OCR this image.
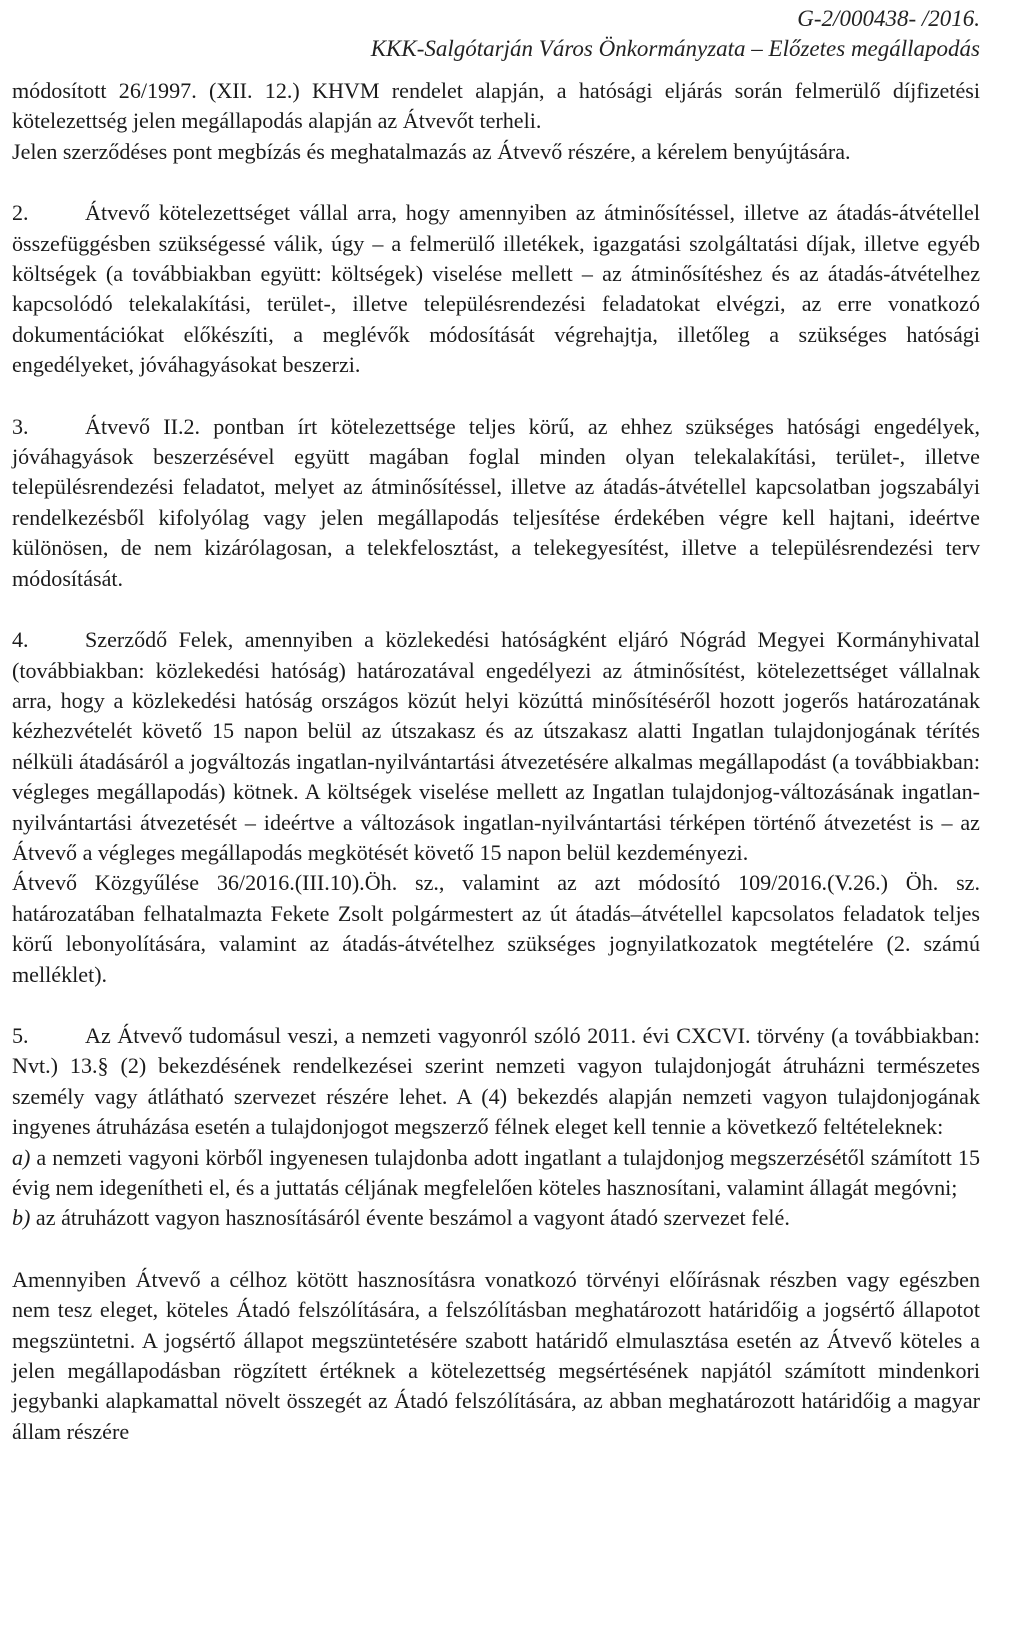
G-2/000438- /2016.
KKK-Salgótarján Város Önkormányzata – Előzetes megállapodás

módosított 26/1997. (XII. 12.) KHVM rendelet alapján, a hatósági eljárás során felmerülő díjfizetési kötelezettség jelen megállapodás alapján az Átvevőt terheli.

Jelen szerződéses pont megbízás és meghatalmazás az Átvevő részére, a kérelem benyújtására.

2.	Átvevő kötelezettséget vállal arra, hogy amennyiben az átminősítéssel, illetve az átadás-átvétellel összefüggésben szükségessé válik, úgy – a felmerülő illetékek, igazgatási szolgáltatási díjak, illetve egyéb költségek (a továbbiakban együtt: költségek) viselése mellett – az átminősítéshez és az átadás-átvételhez kapcsolódó telekalakítási, terület-, illetve településrendezési feladatokat elvégzi, az erre vonatkozó dokumentációkat előkészíti, a meglévők módosítását végrehajtja, illetőleg a szükséges hatósági engedélyeket, jóváhagyásokat beszerzi.

3.	Átvevő II.2. pontban írt kötelezettsége teljes körű, az ehhez szükséges hatósági engedélyek, jóváhagyások beszerzésével együtt magában foglal minden olyan telekalakítási, terület-, illetve településrendezési feladatot, melyet az átminősítéssel, illetve az átadás-átvétellel kapcsolatban jogszabályi rendelkezésből kifolyólag vagy jelen megállapodás teljesítése érdekében végre kell hajtani, ideértve különösen, de nem kizárólagosan, a telekfelosztást, a telekegyesítést, illetve a településrendezési terv módosítását.

4.	Szerződő Felek, amennyiben a közlekedési hatóságként eljáró Nógrád Megyei Kormányhivatal (továbbiakban: közlekedési hatóság) határozatával engedélyezi az átminősítést, kötelezettséget vállalnak arra, hogy a közlekedési hatóság országos közút helyi közúttá minősítéséről hozott jogerős határozatának kézhezvételét követő 15 napon belül az útszakasz és az útszakasz alatti Ingatlan tulajdonjogának térítés nélküli átadásáról a jogváltozás ingatlan-nyilvántartási átvezetésére alkalmas megállapodást (a továbbiakban: végleges megállapodás) kötnek. A költségek viselése mellett az Ingatlan tulajdonjog-változásának ingatlan-nyilvántartási átvezetését – ideértve a változások ingatlan-nyilvántartási térképen történő átvezetést is – az Átvevő a végleges megállapodás megkötését követő 15 napon belül kezdeményezi.

Átvevő Közgyűlése 36/2016.(III.10).Öh. sz., valamint az azt módosító 109/2016.(V.26.) Öh. sz. határozatában felhatalmazta Fekete Zsolt polgármestert az út átadás–átvétellel kapcsolatos feladatok teljes körű lebonyolítására, valamint az átadás-átvételhez szükséges jognyilatkozatok megtételére (2. számú melléklet).

5.	Az Átvevő tudomásul veszi, a nemzeti vagyonról szóló 2011. évi CXCVI. törvény (a továbbiakban: Nvt.) 13.§ (2) bekezdésének rendelkezései szerint nemzeti vagyon tulajdonjogát átruházni természetes személy vagy átlátható szervezet részére lehet. A (4) bekezdés alapján nemzeti vagyon tulajdonjogának ingyenes átruházása esetén a tulajdonjogot megszerző félnek eleget kell tennie a következő feltételeknek:

a) a nemzeti vagyoni körből ingyenesen tulajdonba adott ingatlant a tulajdonjog megszerzésétől számított 15 évig nem idegenítheti el, és a juttatás céljának megfelelően köteles hasznosítani, valamint állagát megóvni;

b) az átruházott vagyon hasznosításáról évente beszámol a vagyont átadó szervezet felé.

Amennyiben Átvevő a célhoz kötött hasznosításra vonatkozó törvényi előírásnak részben vagy egészben nem tesz eleget, köteles Átadó felszólítására, a felszólításban meghatározott határidőig a jogsértő állapotot megszüntetni. A jogsértő állapot megszüntetésére szabott határidő elmulasztása esetén az Átvevő köteles a jelen megállapodásban rögzített értéknek a kötelezettség megsértésének napjától számított mindenkori jegybanki alapkamattal növelt összegét az Átadó felszólítására, az abban meghatározott határidőig a magyar állam részére
